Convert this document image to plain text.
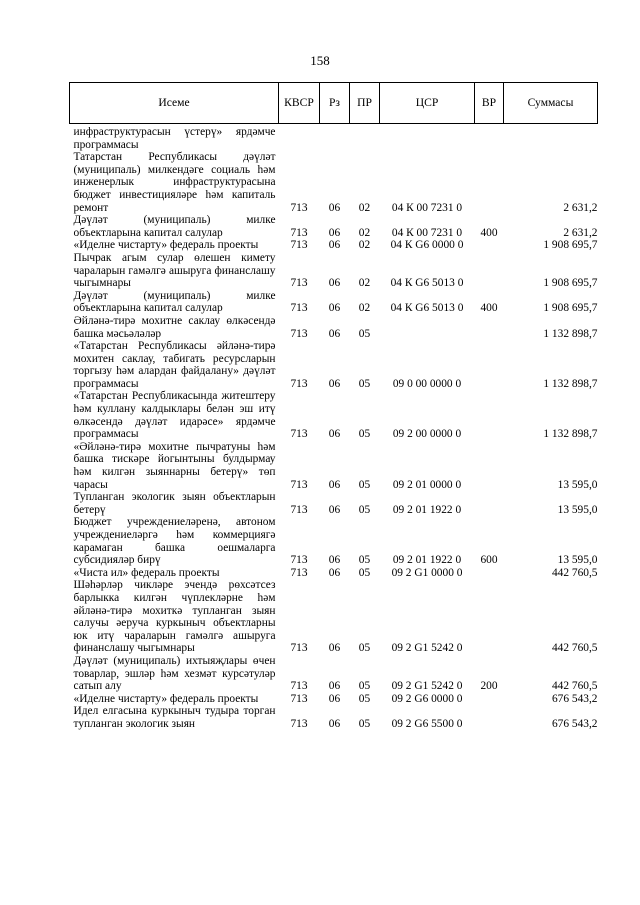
158
Исеме	КВСР	Рз	ПР	ЦСР	ВР	Суммасы
инфраструктурасын үстерү» ярдәмче программасы						
Татарстан Республикасы дәүләт (муниципаль) милкендәге социаль һәм инженерлык инфраструктурасына бюджет инвестицияләре һәм капиталь ремонт	713	06	02	04 К 00 7231 0		2 631,2
Дәүләт (муниципаль) милке объектларына капитал салулар	713	06	02	04 К 00 7231 0	400	2 631,2
«Иделне чистарту» федераль проекты	713	06	02	04 К G6 0000 0		1 908 695,7
Пычрак агым сулар өлешен кимету чараларын гамәлгә ашыруга финанслашу чыгымнары	713	06	02	04 К G6 5013 0		1 908 695,7
Дәүләт (муниципаль) милке объектларына капитал салулар	713	06	02	04 К G6 5013 0	400	1 908 695,7
Әйләнә-тирә мохитне саклау өлкәсендә башка мәсьәләләр	713	06	05			1 132 898,7
«Татарстан Республикасы әйләнә-тирә мохитен саклау, табигать ресурсларын торгызу һәм алардан файдалану» дәүләт программасы	713	06	05	09 0 00 0000 0		1 132 898,7
«Татарстан Республикасында житештеру һәм куллану калдыклары белән эш итү өлкәсендә дәүләт идарәсе» ярдәмче программасы	713	06	05	09 2 00 0000 0		1 132 898,7
«Әйләнә-тирә мохитне пычратуны һәм башка тискәре йогынтыны булдырмау һәм килгән зыяннарны бетерү» төп чарасы	713	06	05	09 2 01 0000 0		13 595,0
Тупланган экологик зыян объектларын бетерү	713	06	05	09 2 01 1922 0		13 595,0
Бюджет учреждениеләренә, автоном учреждениеләргә һәм коммерциягә карамаган башка оешмаларга субсидияләр бирү	713	06	05	09 2 01 1922 0	600	13 595,0
«Чиста ил» федераль проекты	713	06	05	09 2 G1 0000 0		442 760,5
Шәһәрләр чикләре эчендә рөхсәтсез барлыкка килгән чүплекләрне һәм әйләнә-тирә мохиткә тупланган зыян салучы әеруча куркыныч объектларны юк итү чараларын гамәлгә ашыруга финанслашу чыгымнары	713	06	05	09 2 G1 5242 0		442 760,5
Дәүләт (муниципаль) ихтыяҗлары өчен товарлар, эшләр һәм хезмәт курсәтуләр сатып алу	713	06	05	09 2 G1 5242 0	200	442 760,5
«Иделне чистарту» федераль проекты	713	06	05	09 2 G6 0000 0		676 543,2
Идел елгасына куркыныч тудыра торган тупланган экологик зыян	713	06	05	09 2 G6 5500 0		676 543,2
